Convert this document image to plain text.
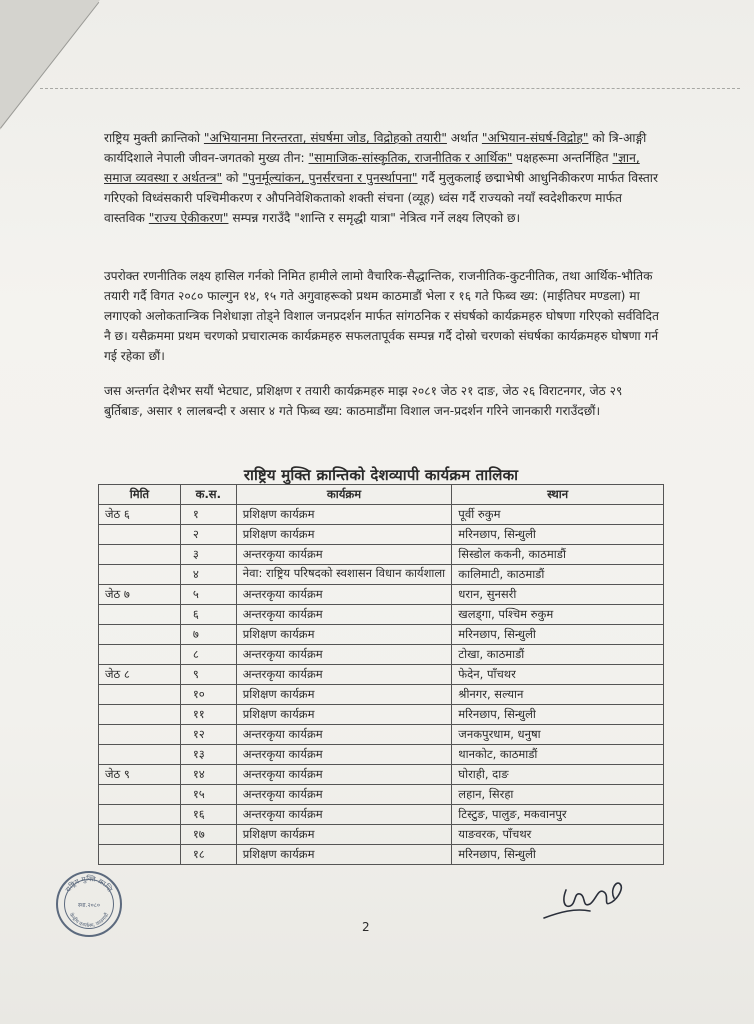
राष्ट्रिय मुक्ती क्रान्तिको "अभियानमा निरन्तरता, संघर्षमा जोड, विद्रोहको तयारी" अर्थात "अभियान-संघर्ष-विद्रोह" को त्रि-आङ्गी कार्यदिशाले नेपाली जीवन-जगतको मुख्य तीन: "सामाजिक-सांस्कृतिक, राजनीतिक र आर्थिक" पक्षहरूमा अन्तर्निहित "ज्ञान, समाज व्यवस्था र अर्थतन्त्र" को "पुनर्मूल्यांकन, पुनर्संरचना र पुनर्स्थापना" गर्दै मुलुकलाई छद्माभेषी आधुनिकीकरण मार्फत विस्तार गरिएको विध्वंसकारी पश्चिमीकरण र औपनिवेशिकताको शक्ती संचना (व्यूह) ध्वंस गर्दै राज्यको नयाँ स्वदेशीकरण मार्फत वास्तविक "राज्य ऐकीकरण" सम्पन्न गराउँदै "शान्ति र समृद्धी यात्रा" नेत्रित्व गर्ने लक्ष्य लिएको छ।

उपरोक्त रणनीतिक लक्ष्य हासिल गर्नको निमित हामीले लामो वैचारिक-सैद्धान्तिक, राजनीतिक-कुटनीतिक, तथा आर्थिक-भौतिक तयारी गर्दै विगत २०८० फाल्गुन १४, १५ गते अगुवाहरूको प्रथम काठमाडौं भेला र १६ गते फिब्व ख्य: (माईतिघर मण्डला) मा लगाएको अलोकतान्त्रिक निशेधाज्ञा तोड्ने विशाल जनप्रदर्शन मार्फत सांगठनिक र संघर्षको कार्यक्रमहरु घोषणा गरिएको सर्वविदित नै छ। यसैक्रममा प्रथम चरणको प्रचारात्मक कार्यक्रमहरु सफलतापूर्वक सम्पन्न गर्दै दोस्रो चरणको संघर्षका कार्यक्रमहरु घोषणा गर्न गई रहेका छौं।

जस अन्तर्गत देशैभर सयौं भेटघाट, प्रशिक्षण र तयारी कार्यक्रमहरु माझ २०८१ जेठ २१ दाङ, जेठ २६ विराटनगर, जेठ २९ बुर्तिबाङ, असार १ लालबन्दी र असार ४ गते फिब्व ख्य: काठमाडौंमा विशाल जन-प्रदर्शन गरिने जानकारी गराउँदछौं।

राष्ट्रिय मुक्ति क्रान्तिको देशव्यापी कार्यक्रम तालिका
मिति	क.स.	कार्यक्रम	स्थान
जेठ ६	१	प्रशिक्षण कार्यक्रम	पूर्वी रुकुम
	२	प्रशिक्षण कार्यक्रम	मरिनछाप, सिन्धुली
	३	अन्तरकृया कार्यक्रम	सिस्डोल ककनी, काठमाडौं
	४	नेवा: राष्ट्रिय परिषदको स्वशासन विधान कार्यशाला	कालिमाटी, काठमाडौं
जेठ ७	५	अन्तरकृया कार्यक्रम	धरान, सुनसरी
	६	अन्तरकृया कार्यक्रम	खलड्गा, पश्चिम रुकुम
	७	प्रशिक्षण कार्यक्रम	मरिनछाप, सिन्धुली
	८	अन्तरकृया कार्यक्रम	टोखा, काठमाडौं
जेठ ८	९	अन्तरकृया कार्यक्रम	फेदेन, पाँचथर
	१०	प्रशिक्षण कार्यक्रम	श्रीनगर, सल्यान
	११	प्रशिक्षण कार्यक्रम	मरिनछाप, सिन्धुली
	१२	अन्तरकृया कार्यक्रम	जनकपुरधाम, धनुषा
	१३	अन्तरकृया कार्यक्रम	थानकोट, काठमाडौं
जेठ ९	१४	अन्तरकृया कार्यक्रम	घोराही, दाङ
	१५	अन्तरकृया कार्यक्रम	लहान, सिरहा
	१६	अन्तरकृया कार्यक्रम	टिस्टुङ, पालुङ, मकवानपुर
	१७	प्रशिक्षण कार्यक्रम	याङवरक, पाँचथर
	१८	प्रशिक्षण कार्यक्रम	मरिनछाप, सिन्धुली
राष्ट्रिय मुक्ति क्रान्ति
केन्द्रीय कार्यालय, काठमाडौं
स्था.२०८०
2
